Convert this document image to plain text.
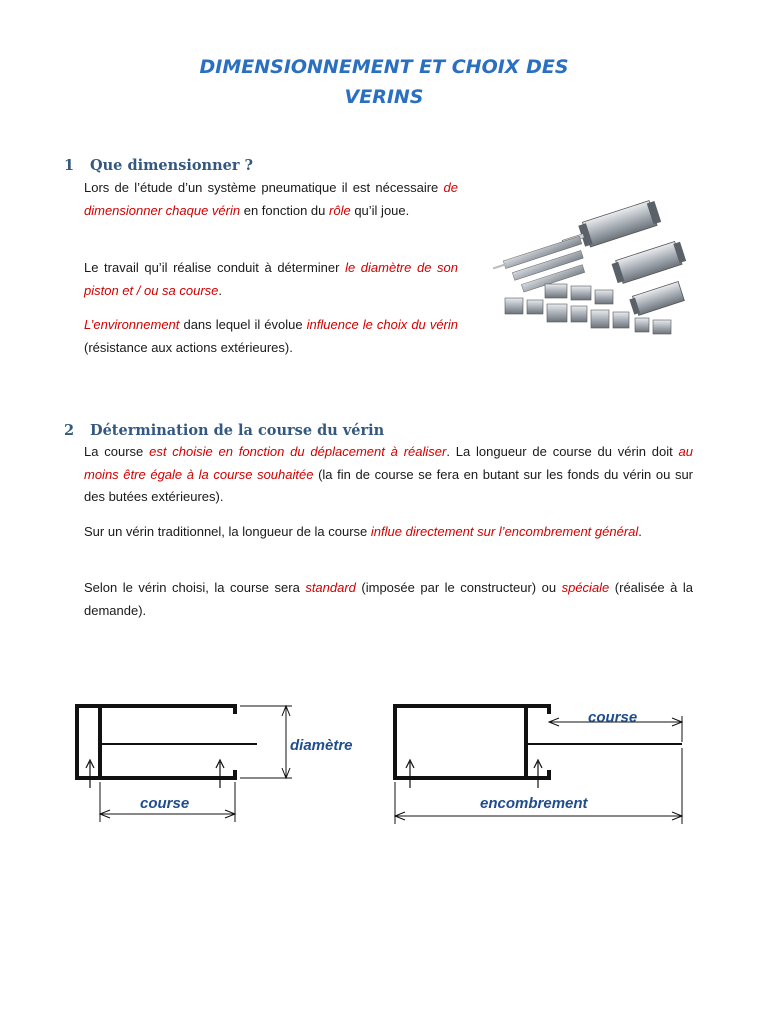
DIMENSIONNEMENT ET CHOIX DES
VERINS
1 Que dimensionner ?
Lors de l’étude d’un système pneumatique il est nécessaire de dimensionner chaque vérin en fonction du rôle qu’il joue.
Le travail qu’il réalise conduit à déterminer le diamètre de son piston et / ou sa course.
L’environnement dans lequel il évolue influence le choix du vérin (résistance aux actions extérieures).
2 Détermination de la course du vérin
La course est choisie en fonction du déplacement à réaliser. La longueur de course du vérin doit au moins être égale à la course souhaitée (la fin de course se fera en butant sur les fonds du vérin ou sur des butées extérieures).
Sur un vérin traditionnel, la longueur de la course influe directement sur l’encombrement général.
Selon le vérin choisi, la course sera standard (imposée par le constructeur) ou spéciale (réalisée à la demande).
diamètre
course
course
encombrement
